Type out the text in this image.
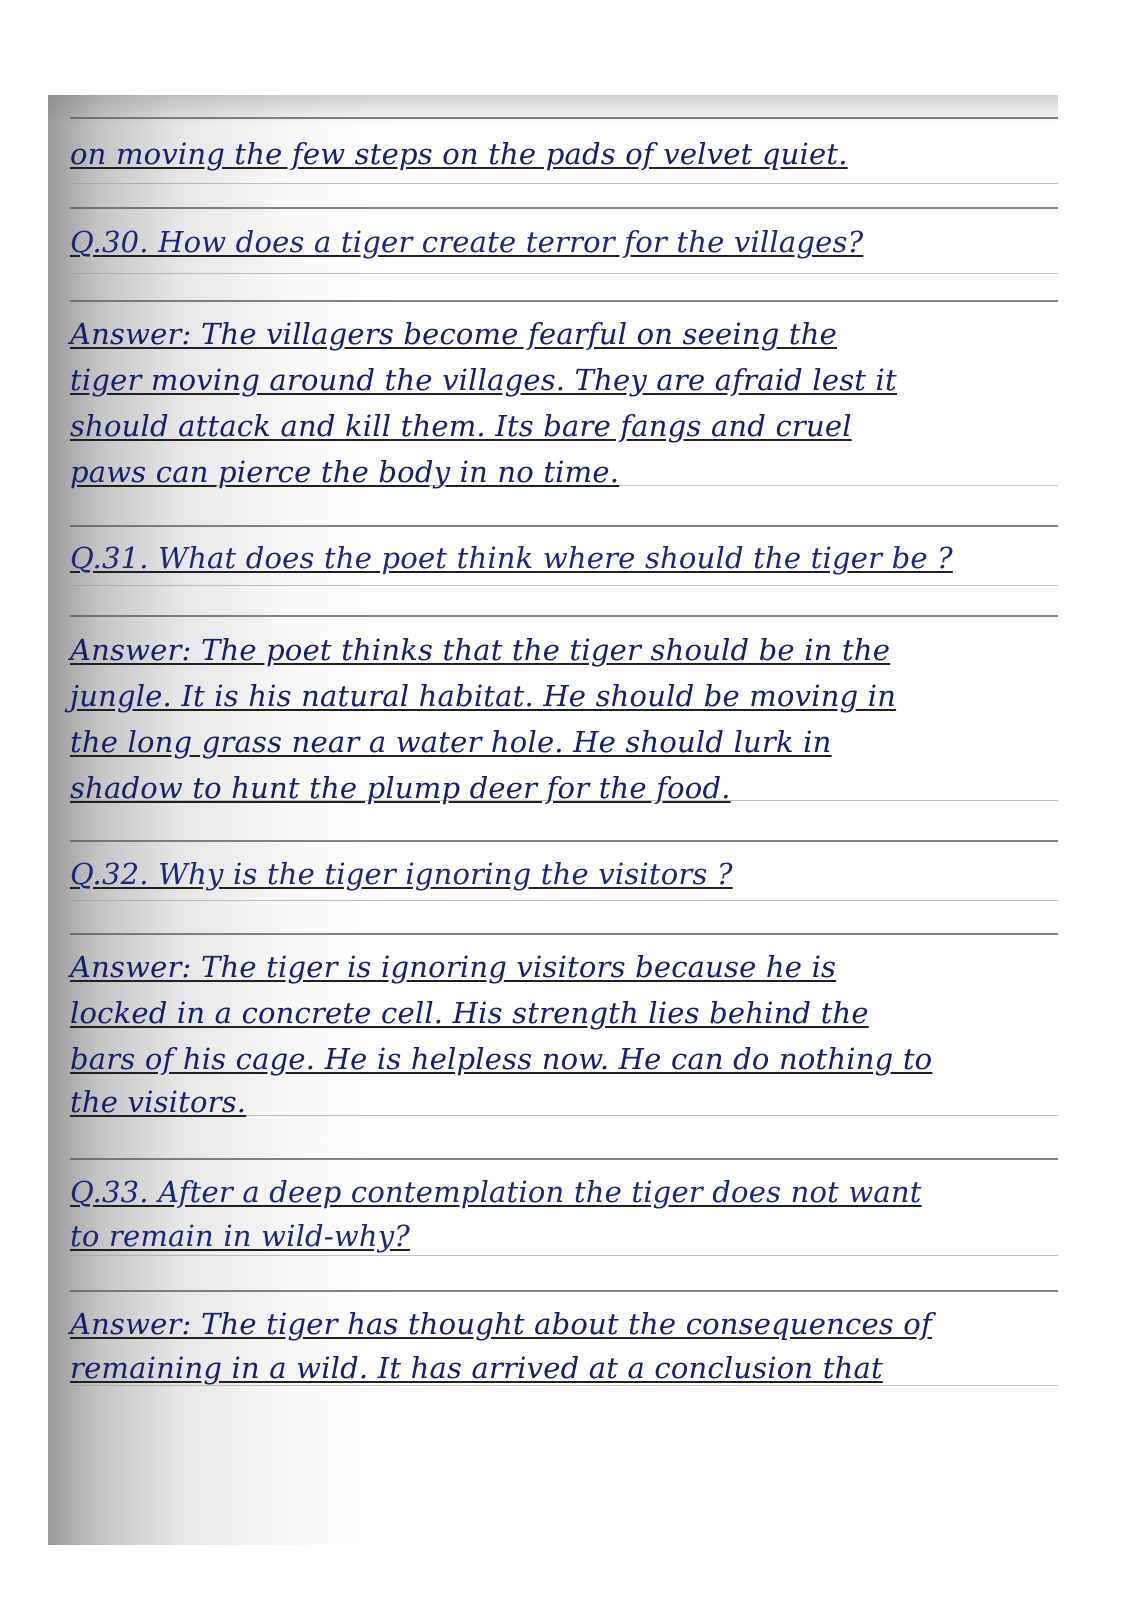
on moving the few steps on the pads of velvet quiet.
Q.30. How does a tiger create terror for the villages?
Answer: The villagers become fearful on seeing the
tiger moving around the villages. They are afraid lest it
should attack and kill them. Its bare fangs and cruel
paws can pierce the body in no time.
Q.31. What does the poet think where should the tiger be ?
Answer: The poet thinks that the tiger should be in the
jungle. It is his natural habitat. He should be moving in
the long grass near a water hole. He should lurk in
shadow to hunt the plump deer for the food.
Q.32. Why is the tiger ignoring the visitors ?
Answer: The tiger is ignoring visitors because he is
locked in a concrete cell. His strength lies behind the
bars of his cage. He is helpless now. He can do nothing to
the visitors.
Q.33. After a deep contemplation the tiger does not want
to remain in wild-why?
Answer: The tiger has thought about the consequences of
remaining in a wild. It has arrived at a conclusion that
